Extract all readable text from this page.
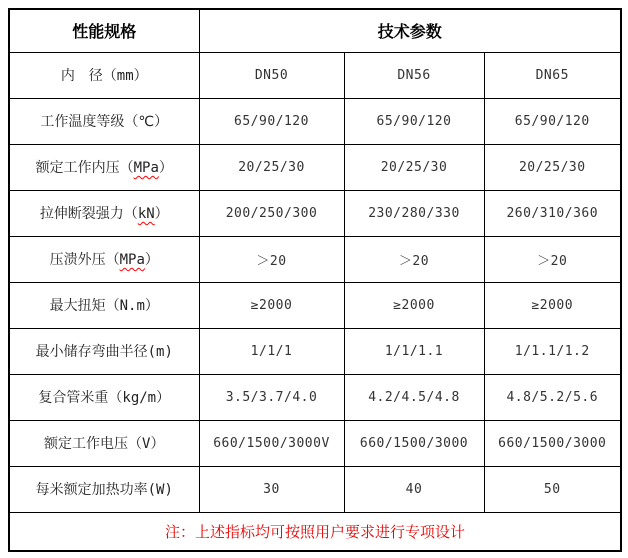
性能规格	技术参数		
内　径（mm）	DN50	DN56	DN65
工作温度等级（℃）	65/90/120	65/90/120	65/90/120
额定工作内压（MPa）	20/25/30	20/25/30	20/25/30
拉伸断裂强力（kN）	200/250/300	230/280/330	260/310/360
压溃外压（MPa）	＞20	＞20	＞20
最大扭矩（N.m）	≥2000	≥2000	≥2000
最小储存弯曲半径(m)	1/1/1	1/1/1.1	1/1.1/1.2
复合管米重（kg/m）	3.5/3.7/4.0	4.2/4.5/4.8	4.8/5.2/5.6
额定工作电压（V）	660/1500/3000V	660/1500/3000	660/1500/3000
每米额定加热功率(W)	30	40	50
注：上述指标均可按照用户要求进行专项设计			
